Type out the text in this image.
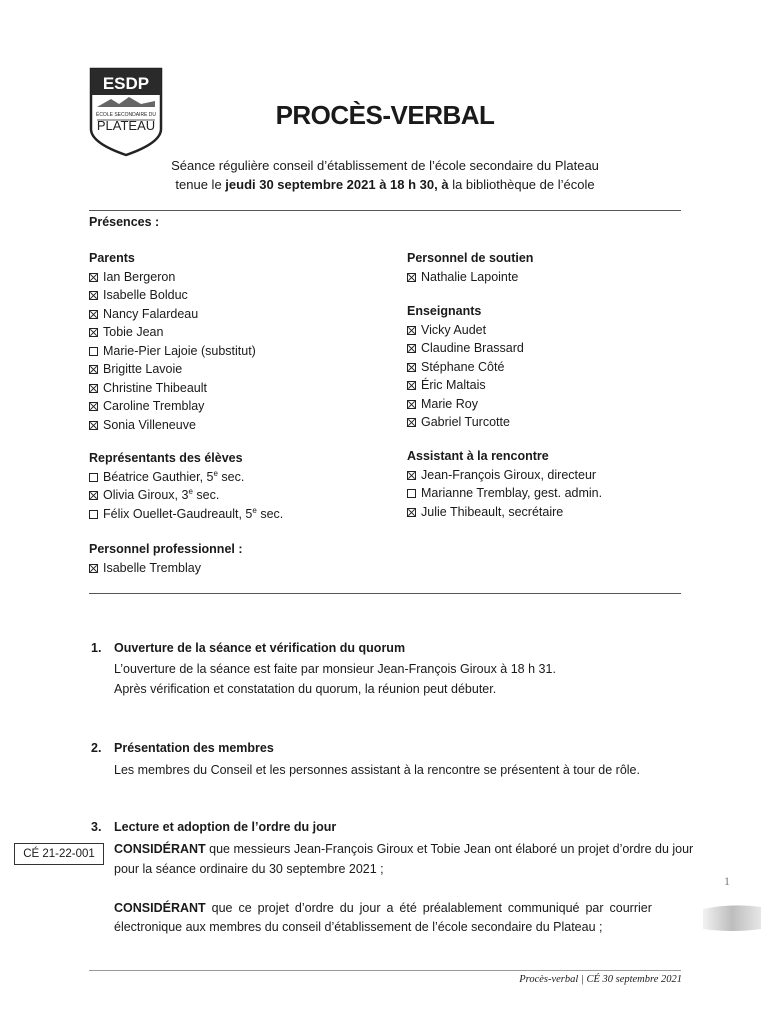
ESDP
ÉCOLE SECONDAIRE DU
PLATEAU	PROCÈS-VERBAL
Séance régulière conseil d’établissement de l’école secondaire du Plateau
tenue le jeudi 30 septembre 2021 à 18 h 30, à la bibliothèque de l’école
Présences :
Parents
Ian Bergeron
Isabelle Bolduc
Nancy Falardeau
Tobie Jean
Marie-Pier Lajoie (substitut)
Brigitte Lavoie
Christine Thibeault
Caroline Tremblay
Sonia Villeneuve
Représentants des élèves
Béatrice Gauthier, 5e sec.
Olivia Giroux, 3e sec.
Félix Ouellet-Gaudreault, 5e sec.
Personnel professionnel :
Isabelle Tremblay
Personnel de soutien
Nathalie Lapointe
Enseignants
Vicky Audet
Claudine Brassard
Stéphane Côté
Éric Maltais
Marie Roy
Gabriel Turcotte
Assistant à la rencontre
Jean-François Giroux, directeur
Marianne Tremblay, gest. admin.
Julie Thibeault, secrétaire
1. Ouverture de la séance et vérification du quorum
L’ouverture de la séance est faite par monsieur Jean-François Giroux à 18 h 31.
Après vérification et constatation du quorum, la réunion peut débuter.
2. Présentation des membres
Les membres du Conseil et les personnes assistant à la rencontre se présentent à tour de rôle.
3. Lecture et adoption de l’ordre du jour
CÉ 21-22-001	CONSIDÉRANT que messieurs Jean-François Giroux et Tobie Jean ont élaboré un projet d’ordre du jour
pour la séance ordinaire du 30 septembre 2021 ;
CONSIDÉRANT que ce projet d’ordre du jour a été préalablement communiqué par courrier
électronique aux membres du conseil d’établissement de l’école secondaire du Plateau ;
1
Procès-verbal | CÉ 30 septembre 2021
